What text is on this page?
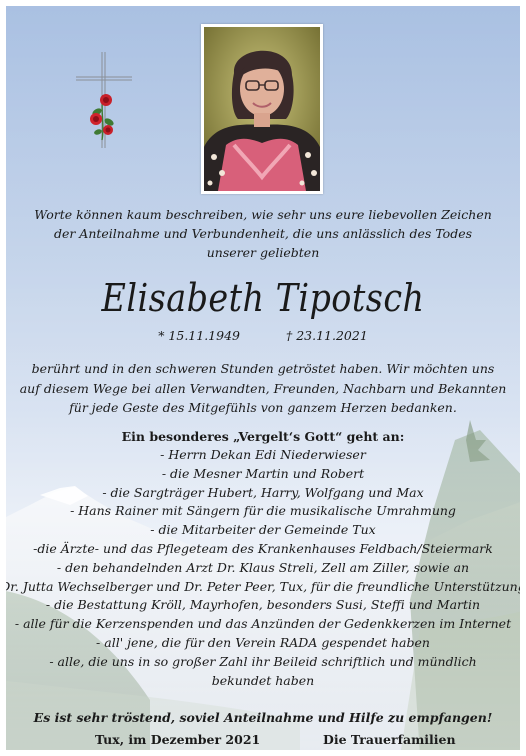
Worte können kaum beschreiben, wie sehr uns eure liebevollen Zeichen
der Anteilnahme und Verbundenheit, die uns anlässlich des Todes
unserer geliebten
Elisabeth Tipotsch
* 15.11.1949	† 23.11.2021
berührt und in den schweren Stunden getröstet haben. Wir möchten uns
auf diesem Wege bei allen Verwandten, Freunden, Nachbarn und Bekannten
für jede Geste des Mitgefühls von ganzem Herzen bedanken.
Ein besonderes „Vergelt‘s Gott“ geht an:
- Herrn Dekan Edi Niederwieser
- die Mesner Martin und Robert
- die Sargträger Hubert, Harry, Wolfgang und Max
- Hans Rainer mit Sängern für die musikalische Umrahmung
- die Mitarbeiter der Gemeinde Tux
-die Ärzte- und das Pflegeteam des Krankenhauses Feldbach/Steiermark
- den behandelnden Arzt Dr. Klaus Streli, Zell am Ziller, sowie an
Dr. Jutta Wechselberger und Dr. Peter Peer, Tux, für die freundliche Unterstützung
- die Bestattung Kröll, Mayrhofen, besonders Susi, Steffi und Martin
- alle für die Kerzenspenden und das Anzünden der Gedenkkerzen im Internet
- all' jene, die für den Verein RADA gespendet haben
- alle, die uns in so großer Zahl ihr Beileid schriftlich und mündlich
bekundet haben
Es ist sehr tröstend, soviel Anteilnahme und Hilfe zu empfangen!
Tux, im Dezember 2021	Die Trauerfamilien
